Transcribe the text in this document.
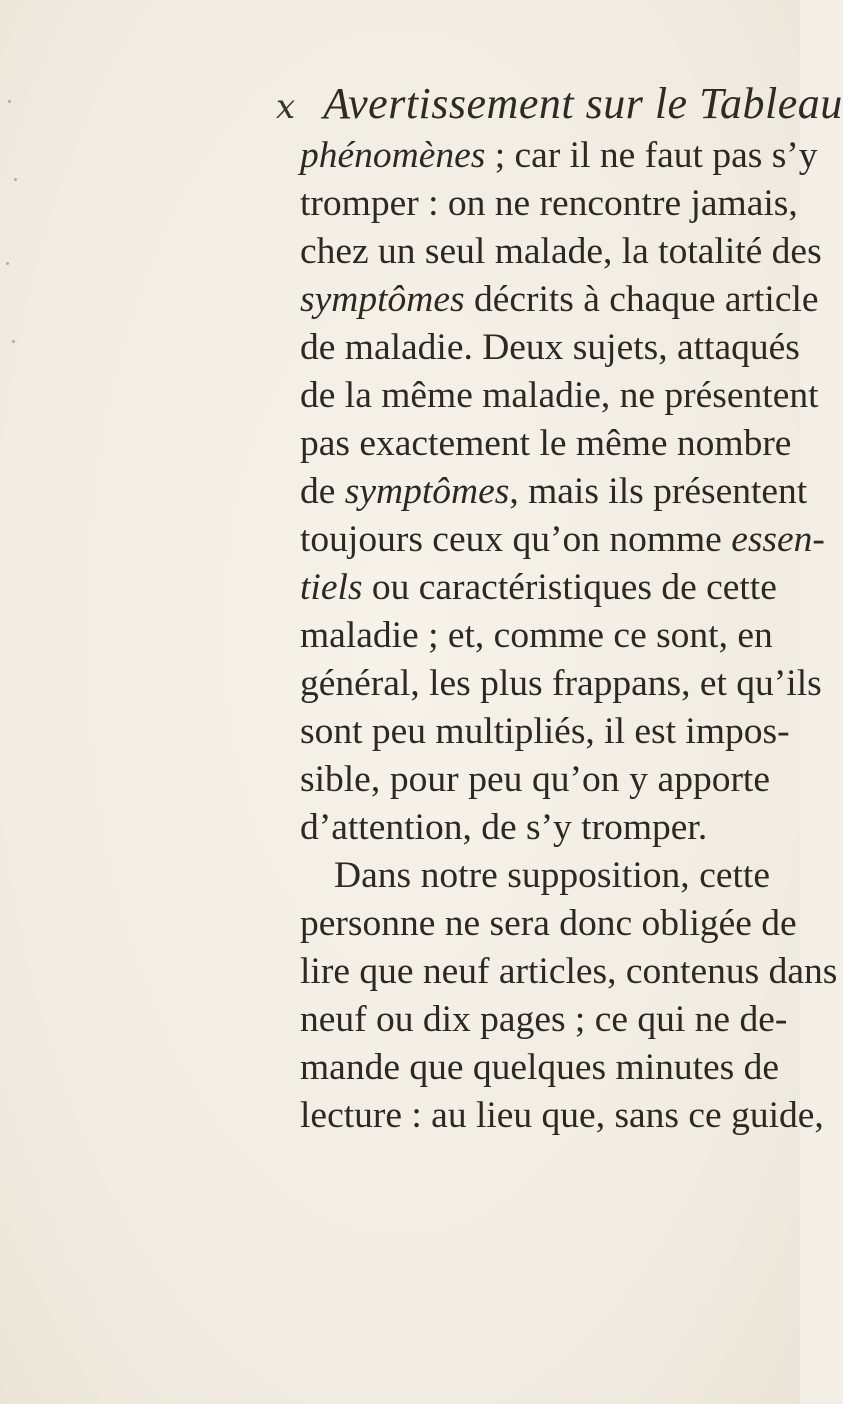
x Avertissement sur le Tableau
phénomènes ; car il ne faut pas s’y
tromper : on ne rencontre jamais,
chez un seul malade, la totalité des
symptômes décrits à chaque article
de maladie. Deux sujets, attaqués
de la même maladie, ne présentent
pas exactement le même nombre
de symptômes, mais ils présentent
toujours ceux qu’on nomme essen-
tiels ou caractéristiques de cette
maladie ; et, comme ce sont, en
général, les plus frappans, et qu’ils
sont peu multipliés, il est impos-
sible, pour peu qu’on y apporte
d’attention, de s’y tromper.
Dans notre supposition, cette
personne ne sera donc obligée de
lire que neuf articles, contenus dans
neuf ou dix pages ; ce qui ne de-
mande que quelques minutes de
lecture : au lieu que, sans ce guide,
